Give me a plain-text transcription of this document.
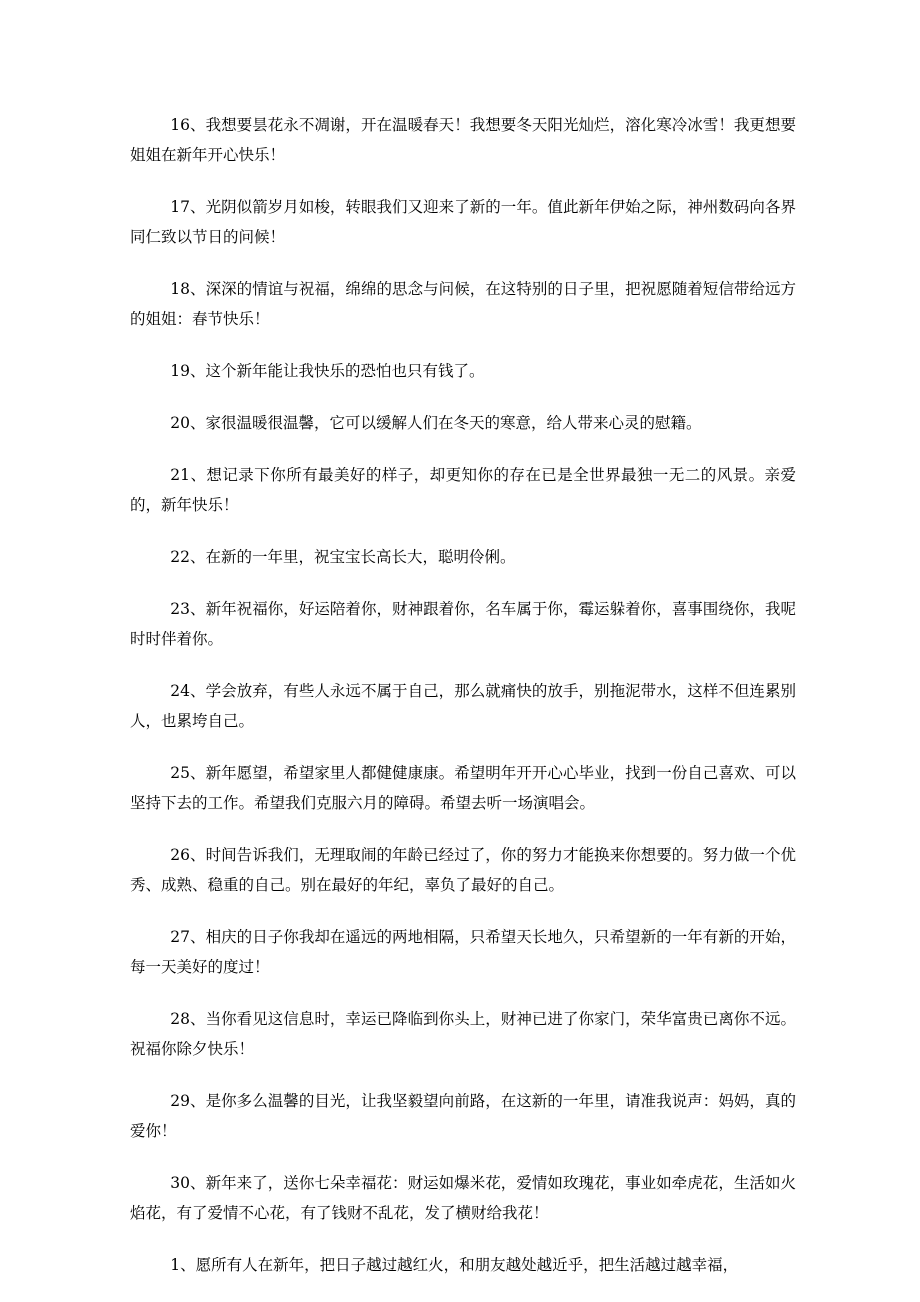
16、我想要昙花永不凋谢，开在温暖春天！我想要冬天阳光灿烂，溶化寒冷冰雪！我更想要姐姐在新年开心快乐！

17、光阴似箭岁月如梭，转眼我们又迎来了新的一年。值此新年伊始之际，神州数码向各界同仁致以节日的问候！

18、深深的情谊与祝福，绵绵的思念与问候，在这特别的日子里，把祝愿随着短信带给远方的姐姐：春节快乐！

19、这个新年能让我快乐的恐怕也只有钱了。

20、家很温暖很温馨，它可以缓解人们在冬天的寒意，给人带来心灵的慰籍。

21、想记录下你所有最美好的样子，却更知你的存在已是全世界最独一无二的风景。亲爱的，新年快乐！

22、在新的一年里，祝宝宝长高长大，聪明伶俐。

23、新年祝福你，好运陪着你，财神跟着你，名车属于你，霉运躲着你，喜事围绕你，我呢时时伴着你。

24、学会放弃，有些人永远不属于自己，那么就痛快的放手，别拖泥带水，这样不但连累别人，也累垮自己。

25、新年愿望，希望家里人都健健康康。希望明年开开心心毕业，找到一份自己喜欢、可以坚持下去的工作。希望我们克服六月的障碍。希望去听一场演唱会。

26、时间告诉我们，无理取闹的年龄已经过了，你的努力才能换来你想要的。努力做一个优秀、成熟、稳重的自己。别在最好的年纪，辜负了最好的自己。

27、相庆的日子你我却在遥远的两地相隔，只希望天长地久，只希望新的一年有新的开始，每一天美好的度过！

28、当你看见这信息时，幸运已降临到你头上，财神已进了你家门，荣华富贵已离你不远。祝福你除夕快乐！

29、是你多么温馨的目光，让我坚毅望向前路，在这新的一年里，请准我说声：妈妈，真的爱你！

30、新年来了，送你七朵幸福花：财运如爆米花，爱情如玫瑰花，事业如牵虎花，生活如火焰花，有了爱情不心花，有了钱财不乱花，发了横财给我花！

1、愿所有人在新年，把日子越过越红火，和朋友越处越近乎，把生活越过越幸福，
